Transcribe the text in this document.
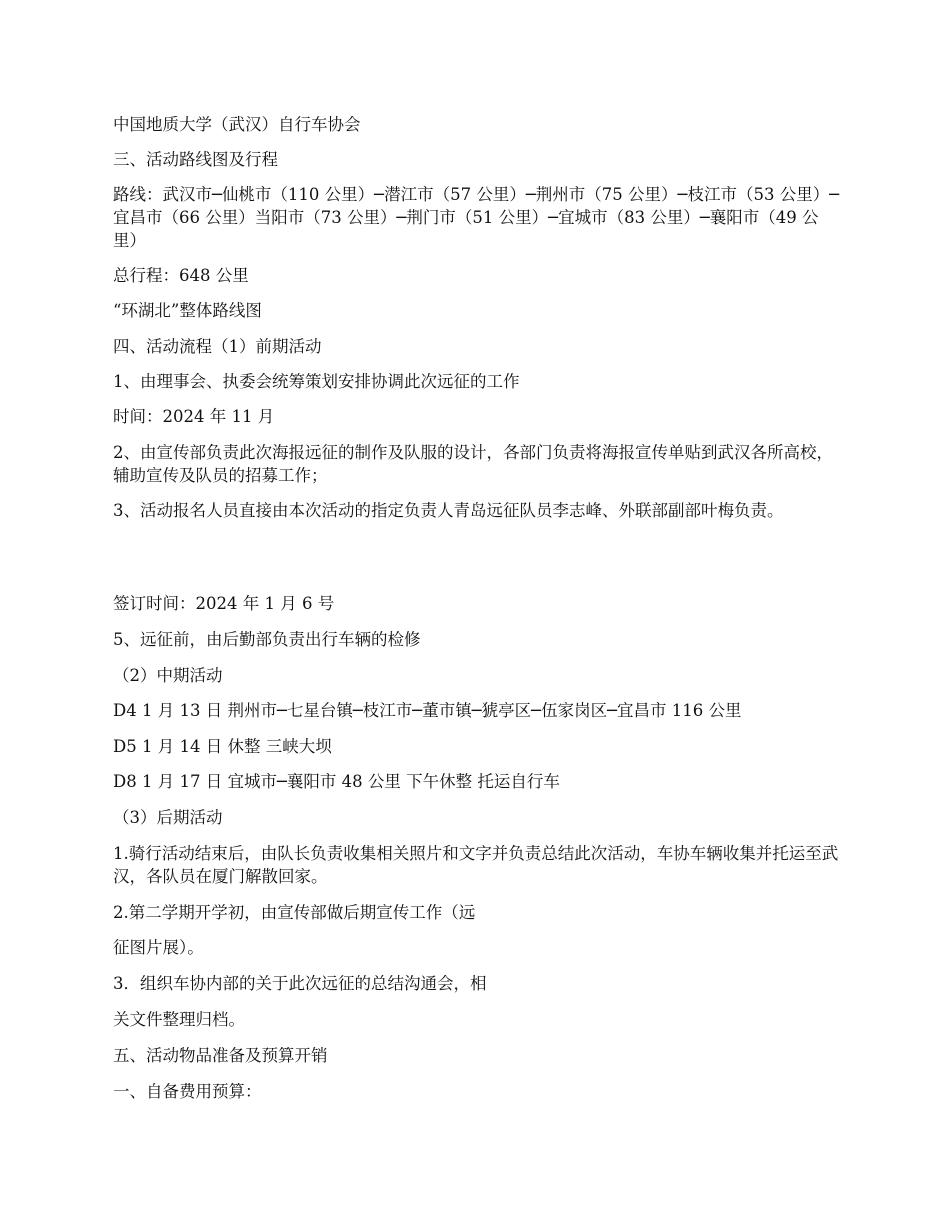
中国地质大学（武汉）自行车协会

三、活动路线图及行程

路线：武汉市─仙桃市（110 公里）─潜江市（57 公里）─荆州市（75 公里）─枝江市（53 公里）─宜昌市（66 公里）当阳市（73 公里）─荆门市（51 公里）─宜城市（83 公里）─襄阳市（49 公里）

总行程：648 公里

“环湖北”整体路线图

四、活动流程（1）前期活动

1、由理事会、执委会统筹策划安排协调此次远征的工作

时间：2024 年 11 月

2、由宣传部负责此次海报远征的制作及队服的设计，各部门负责将海报宣传单贴到武汉各所高校，辅助宣传及队员的招募工作；

3、活动报名人员直接由本次活动的指定负责人青岛远征队员李志峰、外联部副部叶梅负责。

签订时间：2024 年 1 月 6 号

5、远征前，由后勤部负责出行车辆的检修

（2）中期活动

D4 1 月 13 日 荆州市─七星台镇─枝江市─董市镇─猇亭区─伍家岗区─宜昌市 116 公里

D5 1 月 14 日 休整 三峡大坝

D8 1 月 17 日 宜城市─襄阳市 48 公里 下午休整 托运自行车

（3）后期活动

1.骑行活动结束后，由队长负责收集相关照片和文字并负责总结此次活动，车协车辆收集并托运至武汉，各队员在厦门解散回家。

2.第二学期开学初，由宣传部做后期宣传工作（远

征图片展）。

3．组织车协内部的关于此次远征的总结沟通会，相

关文件整理归档。

五、活动物品准备及预算开销

一、自备费用预算：
